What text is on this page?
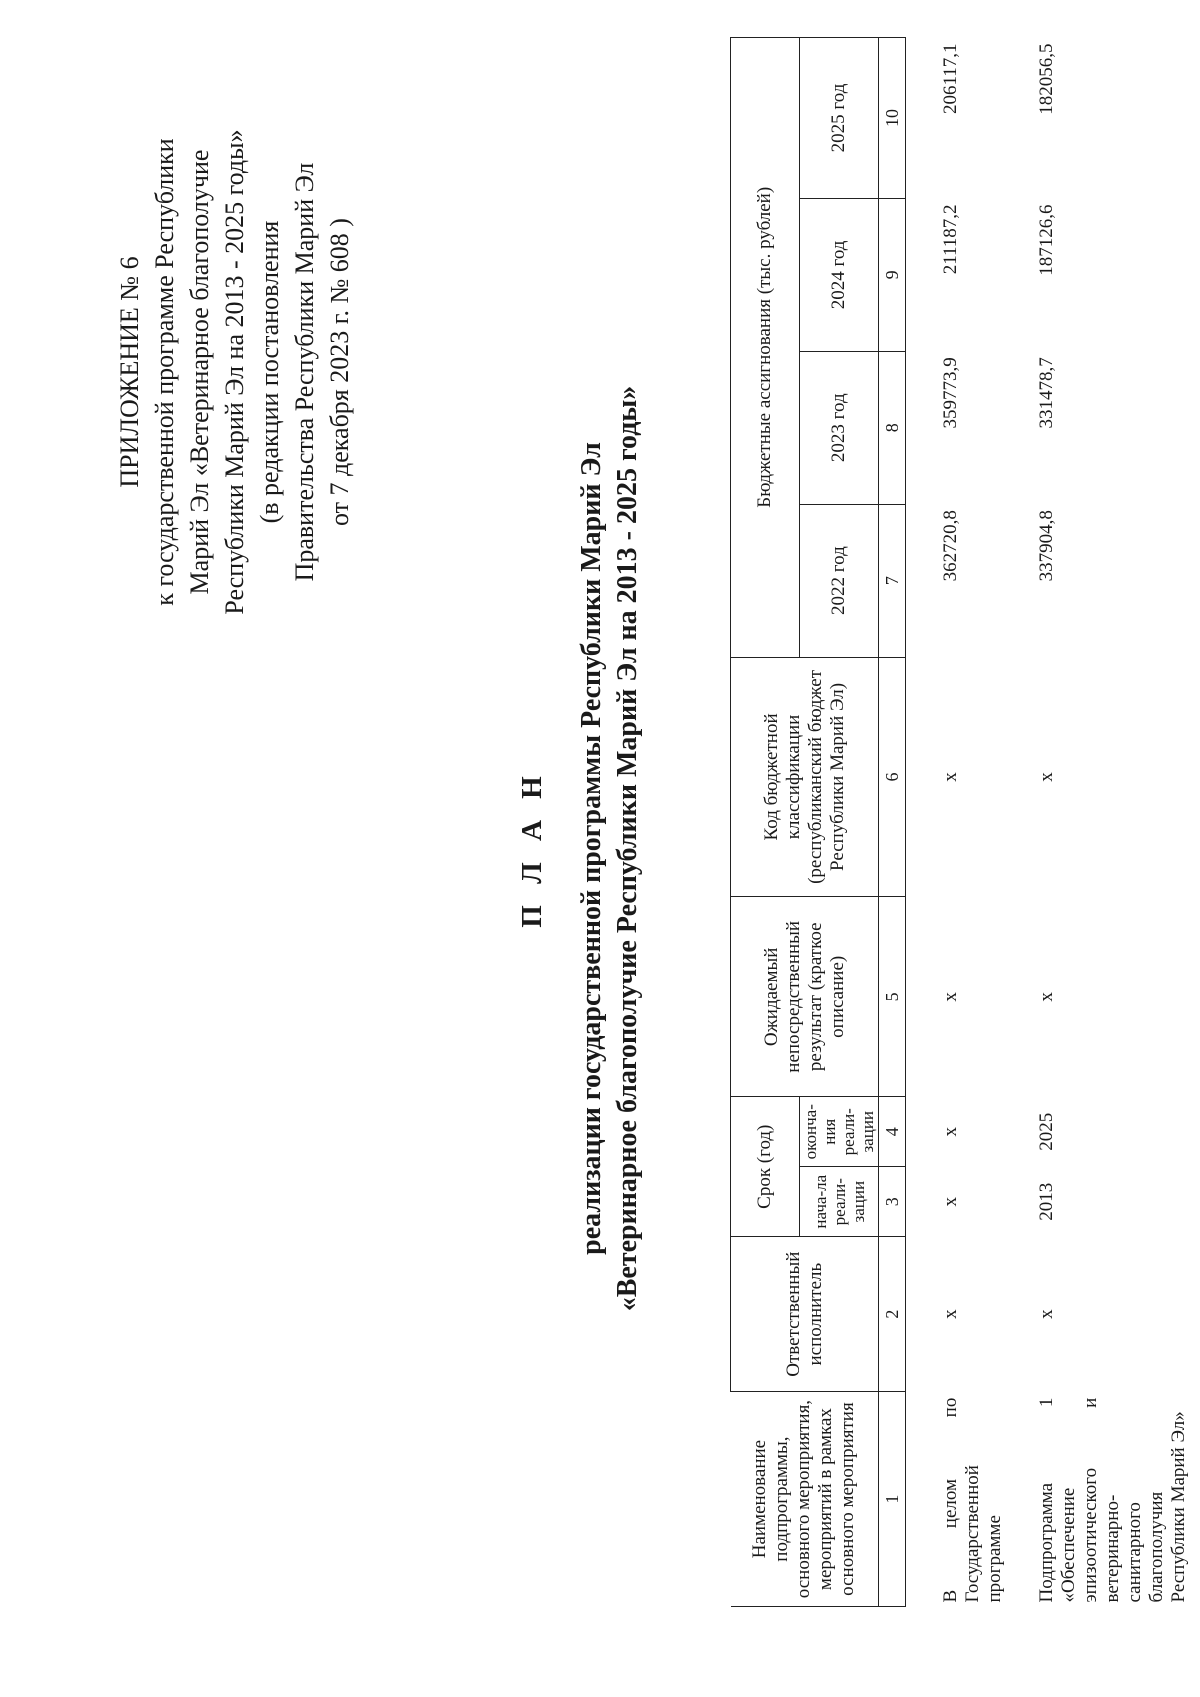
ПРИЛОЖЕНИЕ № 6 к государственной программе Республики Марий Эл «Ветеринарное благополучие Республики Марий Эл на 2013 - 2025 годы» (в редакции постановления Правительства Республики Марий Эл от 7 декабря 2023 г. № 608 )
П Л А Н реализации государственной программы Республики Марий Эл «Ветеринарное благополучие Республики Марий Эл на 2013 - 2025 годы»
Наименование подпрограммы, основного мероприятия, мероприятий в рамках основного мероприятия	Ответственный исполнитель	Срок (год)		Ожидаемый непосредственный результат (краткое описание)	Код бюджетной классификации (республиканский бюджет Республики Марий Эл)	Бюджетные ассигнования (тыс. рублей)			
		нача-ла реали-зации	оконча-ния реали-зации			2022 год	2023 год	2024 год	2025 год

1	2	3	4	5	6	7	8	9	10
В целом по Государственной программе	х	х	х	х	х	362720,8	359773,9	211187,2	206117,1
Подпрограмма 1 «Обеспечение эпизоотического и ветеринарно-санитарного благополучия Республики Марий Эл»	х	2013	2025	х	х	337904,8	331478,7	187126,6	182056,5
